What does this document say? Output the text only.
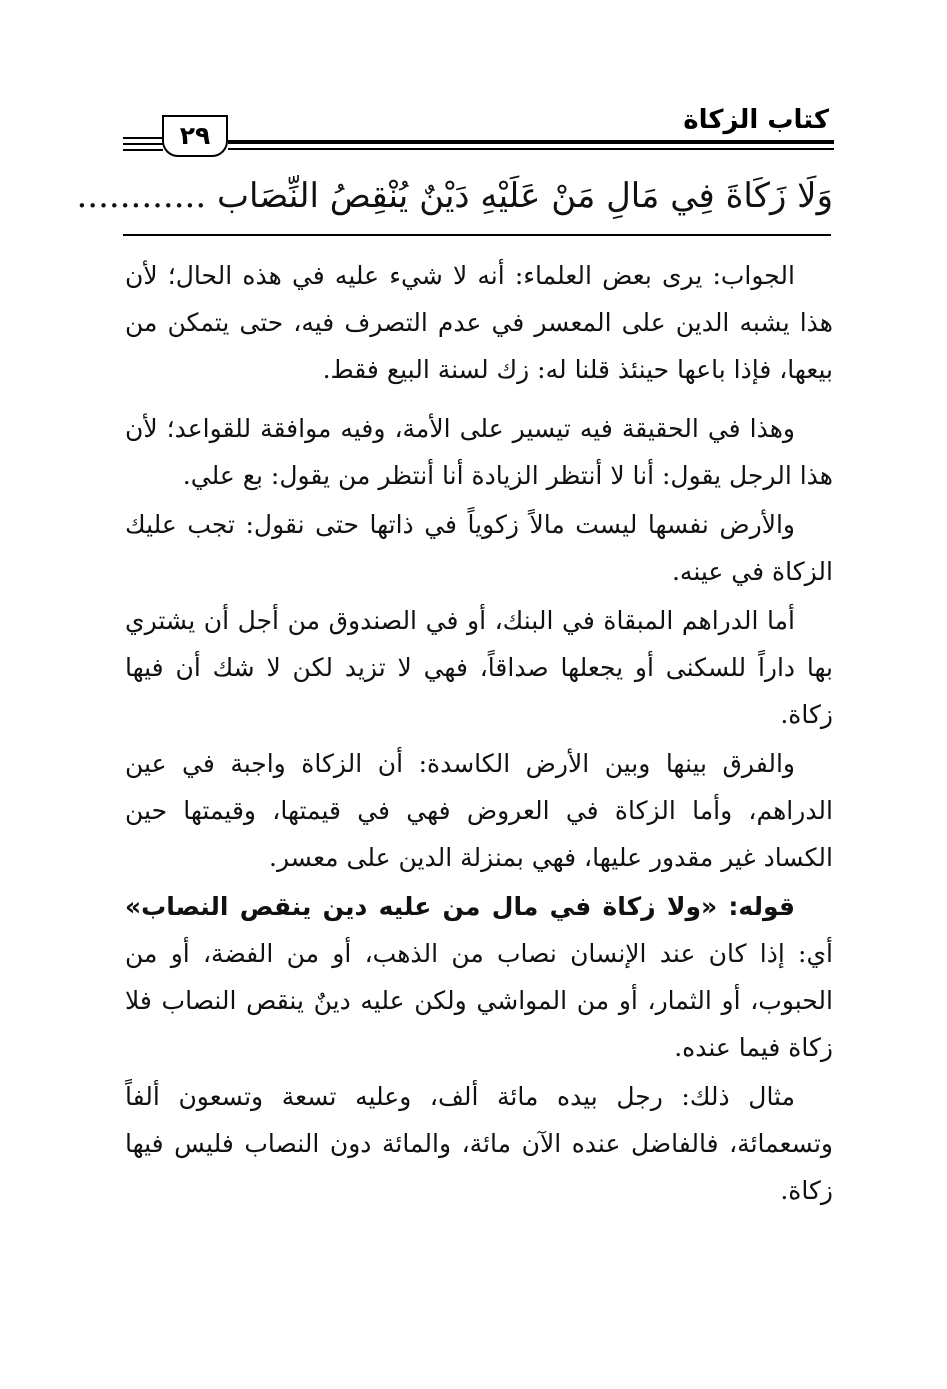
كتاب الزكاة
٢٩
وَلَا زَكَاةَ فِي مَالِ مَنْ عَلَيْهِ دَيْنٌ يُنْقِصُ النِّصَاب ............

الجواب: يرى بعض العلماء: أنه لا شيء عليه في هذه الحال؛ لأن هذا يشبه الدين على المعسر في عدم التصرف فيه، حتى يتمكن من بيعها، فإذا باعها حينئذ قلنا له: زك لسنة البيع فقط.

وهذا في الحقيقة فيه تيسير على الأمة، وفيه موافقة للقواعد؛ لأن هذا الرجل يقول: أنا لا أنتظر الزيادة أنا أنتظر من يقول: بع علي.

والأرض نفسها ليست مالاً زكوياً في ذاتها حتى نقول: تجب عليك الزكاة في عينه.

أما الدراهم المبقاة في البنك، أو في الصندوق من أجل أن يشتري بها داراً للسكنى أو يجعلها صداقاً، فهي لا تزيد لكن لا شك أن فيها زكاة.

والفرق بينها وبين الأرض الكاسدة: أن الزكاة واجبة في عين الدراهم، وأما الزكاة في العروض فهي في قيمتها، وقيمتها حين الكساد غير مقدور عليها، فهي بمنزلة الدين على معسر.

قوله: «ولا زكاة في مال من عليه دين ينقص النصاب» أي: إذا كان عند الإنسان نصاب من الذهب، أو من الفضة، أو من الحبوب، أو الثمار، أو من المواشي ولكن عليه دينٌ ينقص النصاب فلا زكاة فيما عنده.

مثال ذلك: رجل بيده مائة ألف، وعليه تسعة وتسعون ألفاً وتسعمائة، فالفاضل عنده الآن مائة، والمائة دون النصاب فليس فيها زكاة.
